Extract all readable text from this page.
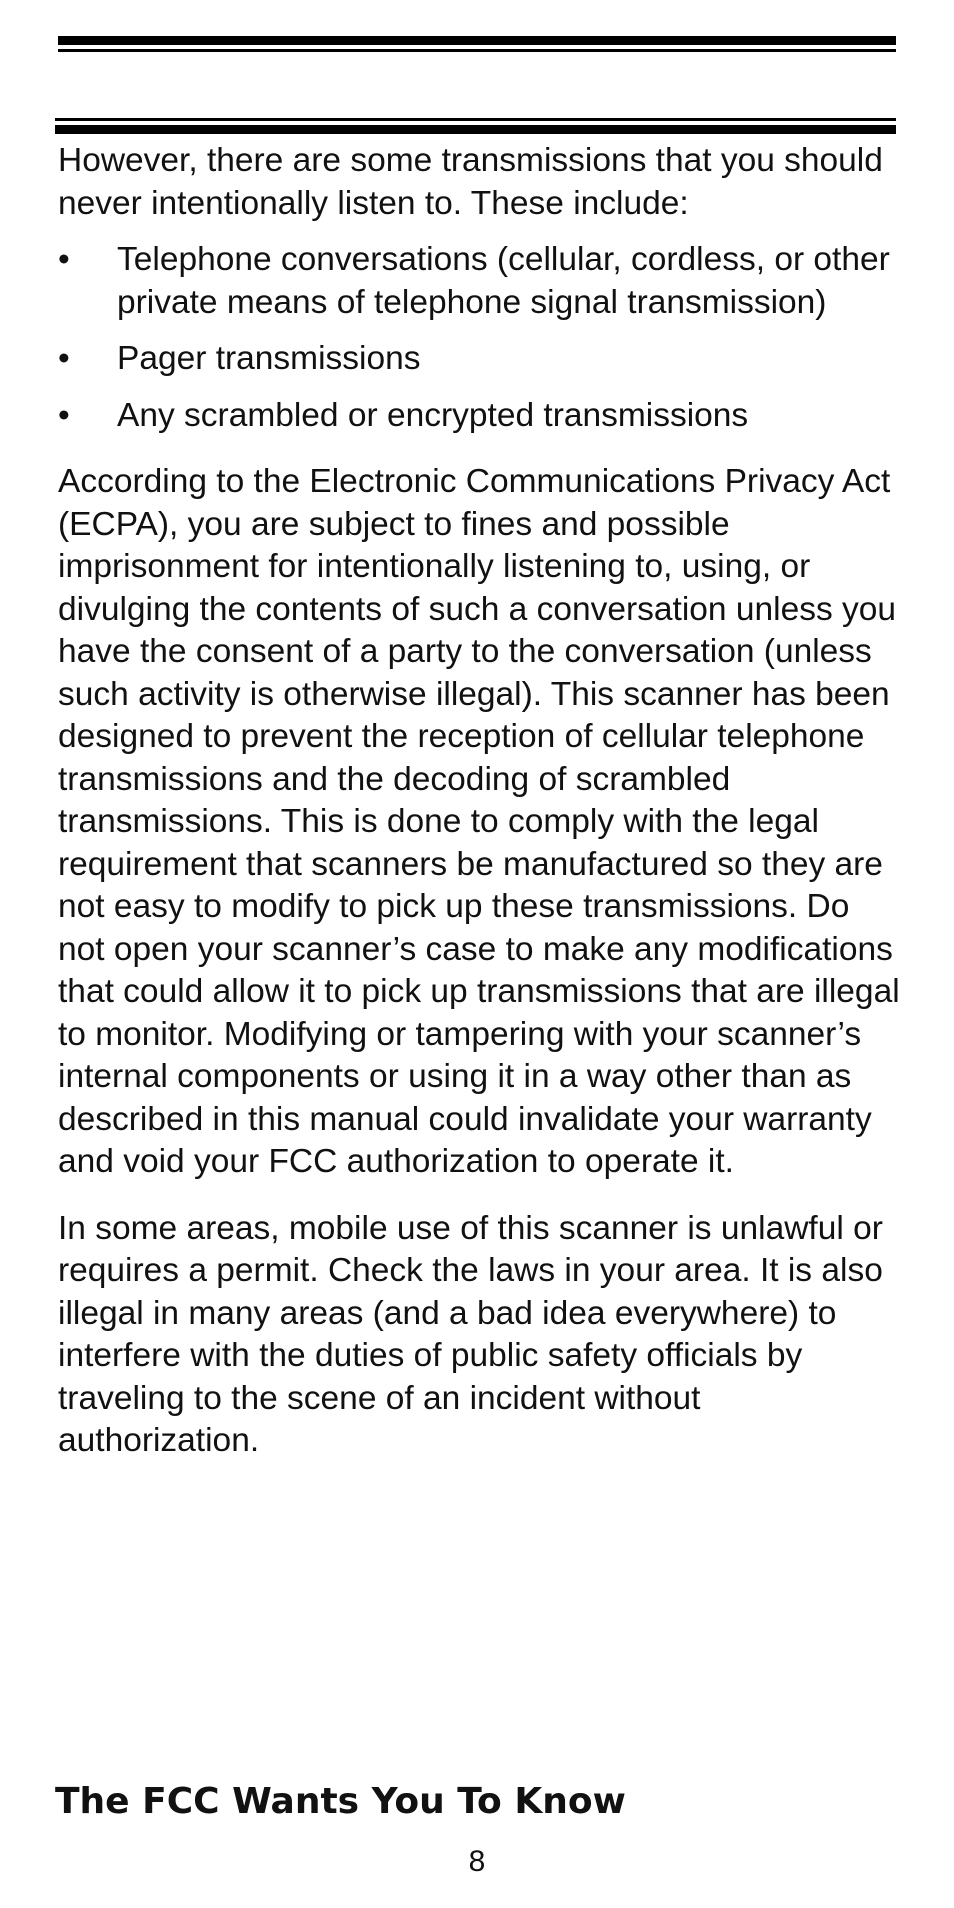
However, there are some transmissions that you should never intentionally listen to. These include:

•	Telephone conversations (cellular, cordless, or other private means of telephone signal transmission)
•	Pager transmissions
•	Any scrambled or encrypted transmissions

According to the Electronic Communications Privacy Act (ECPA), you are subject to fines and possible imprisonment for intentionally listening to, using, or divulging the contents of such a conversation unless you have the consent of a party to the conversation (unless such activity is otherwise illegal). This scanner has been designed to prevent the reception of cellular telephone transmissions and the decoding of scrambled transmissions. This is done to comply with the legal requirement that scanners be manufactured so they are not easy to modify to pick up these transmissions. Do not open your scanner’s case to make any modifications that could allow it to pick up transmissions that are illegal to monitor. Modifying or tampering with your scanner’s internal components or using it in a way other than as described in this manual could invalidate your warranty and void your FCC authorization to operate it.

In some areas, mobile use of this scanner is unlawful or requires a permit. Check the laws in your area. It is also illegal in many areas (and a bad idea everywhere) to interfere with the duties of public safety officials by traveling to the scene of an incident without authorization.

The FCC Wants You To Know
8
